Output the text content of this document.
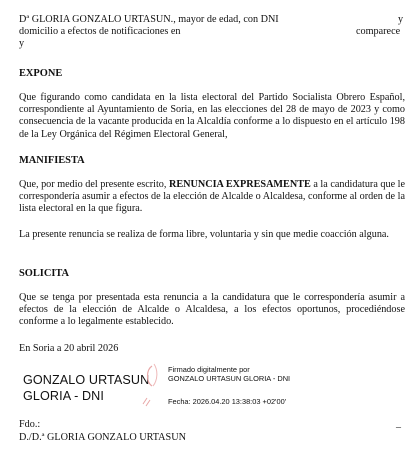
Dª GLORIA GONZALO URTASUN., mayor de edad, con DNI	y
domicilio a efectos de notificaciones en	comparece
y

EXPONE

Que figurando como candidata en la lista electoral del Partido Socialista Obrero Español, correspondiente al Ayuntamiento de Soria, en las elecciones del 28 de mayo de 2023 y como consecuencia de la vacante producida en la Alcaldía conforme a lo dispuesto en el artículo 198 de la Ley Orgánica del Régimen Electoral General,

MANIFIESTA

Que, por medio del presente escrito, RENUNCIA EXPRESAMENTE a la candidatura que le correspondería asumir a efectos de la elección de Alcalde o Alcaldesa, conforme al orden de la lista electoral en la que figura.

La presente renuncia se realiza de forma libre, voluntaria y sin que medie coacción alguna.

SOLICITA

Que se tenga por presentada esta renuncia a la candidatura que le correspondería asumir a efectos de la elección de Alcalde o Alcaldesa, a los efectos oportunos, procediéndose conforme a lo legalmente establecido.

En Soria a 20 abril 2026
GONZALO URTASUN
GLORIA - DNI
Firmado digitalmente por
GONZALO URTASUN GLORIA - DNI
Fecha: 2026.04.20 13:38:03 +02'00'
Fdo.:
D./D.ª GLORIA GONZALO URTASUN
_
